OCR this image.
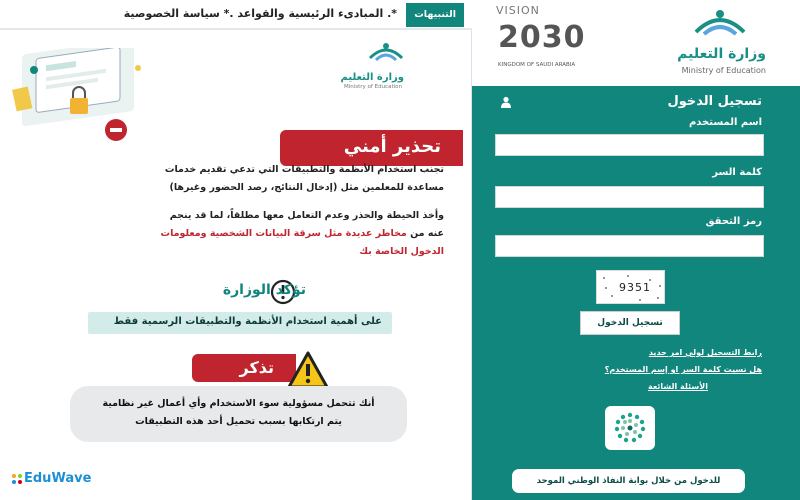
التنبيهات
المبادىء الرئيسية والقواعد .* سياسة الخصوصية .*
وزارة التعليم
Ministry of Education
تحذير أمني
تجنب استخدام الأنظمة والتطبيقات التي تدعي تقديم خدمات
مساعدة للمعلمين مثل (إدخال النتائج، رصد الحضور وغيرها)
وأخذ الحيطة والحذر وعدم التعامل معها مطلقاً، لما قد ينجم
عنه من مخاطر عديدة مثل سرقة البيانات الشخصية ومعلومات
الدخول الخاصة بك
تؤكد الوزارة
على أهمية استخدام الأنظمة والتطبيقات الرسمية فقط
تذكر
أنك تتحمل مسؤولية سوء الاستخدام وأي أعمال غير نظامية
يتم ارتكابها بسبب تحميل أحد هذه التطبيقات
EduWave
VISION
2030
KINGDOM OF SAUDI ARABIA
وزارة التعليم
Ministry of Education
تسجيل الدخول
اسم المستخدم
كلمة السر
رمز التحقق
9351
تسجيل الدخول
رابط التسجيل لولي امر جديد
هل نسيت كلمة السر او إسم المستخدم؟
الأسئلة الشائعة
للدخول من خلال بوابة النفاذ الوطني الموحد
